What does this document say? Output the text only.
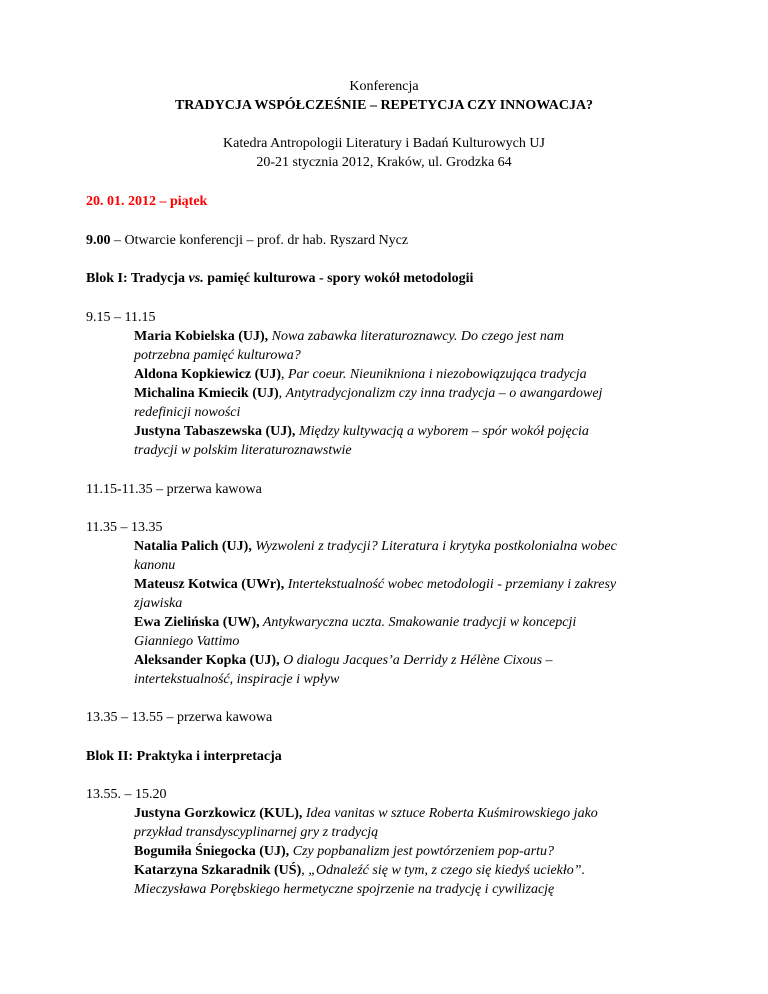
Konferencja
TRADYCJA WSPÓŁCZEŚNIE – REPETYCJA CZY INNOWACJA?
Katedra Antropologii Literatury i Badań Kulturowych UJ
20-21 stycznia 2012, Kraków, ul. Grodzka 64
20. 01. 2012 – piątek
9.00 – Otwarcie konferencji – prof. dr hab. Ryszard Nycz
Blok I: Tradycja vs. pamięć kulturowa - spory wokół metodologii
9.15 – 11.15

Maria Kobielska (UJ), Nowa zabawka literaturoznawcy. Do czego jest nam

potrzebna pamięć kulturowa?

Aldona Kopkiewicz (UJ), Par coeur. Nieunikniona i niezobowiązująca tradycja

Michalina Kmiecik (UJ), Antytradycjonalizm czy inna tradycja – o awangardowej

redefinicji nowości

Justyna Tabaszewska (UJ), Między kultywacją a wyborem – spór wokół pojęcia

tradycji w polskim literaturoznawstwie

11.15-11.35 – przerwa kawowa
11.35 – 13.35

Natalia Palich (UJ), Wyzwoleni z tradycji? Literatura i krytyka postkolonialna wobec

kanonu

Mateusz Kotwica (UWr), Intertekstualność wobec metodologii - przemiany i zakresy

zjawiska

Ewa Zielińska (UW), Antykwaryczna uczta. Smakowanie tradycji w koncepcji

Gianniego Vattimo

Aleksander Kopka (UJ), O dialogu Jacques’a Derridy z Hélène Cixous –

intertekstualność, inspiracje i wpływ

13.35 – 13.55 – przerwa kawowa
Blok II: Praktyka i interpretacja
13.55. – 15.20

Justyna Gorzkowicz (KUL), Idea vanitas w sztuce Roberta Kuśmirowskiego jako

przykład transdyscyplinarnej gry z tradycją

Bogumiła Śniegocka (UJ), Czy popbanalizm jest powtórzeniem pop-artu?

Katarzyna Szkaradnik (UŚ), „Odnaleźć się w tym, z czego się kiedyś uciekło”.

Mieczysława Porębskiego hermetyczne spojrzenie na tradycję i cywilizację
